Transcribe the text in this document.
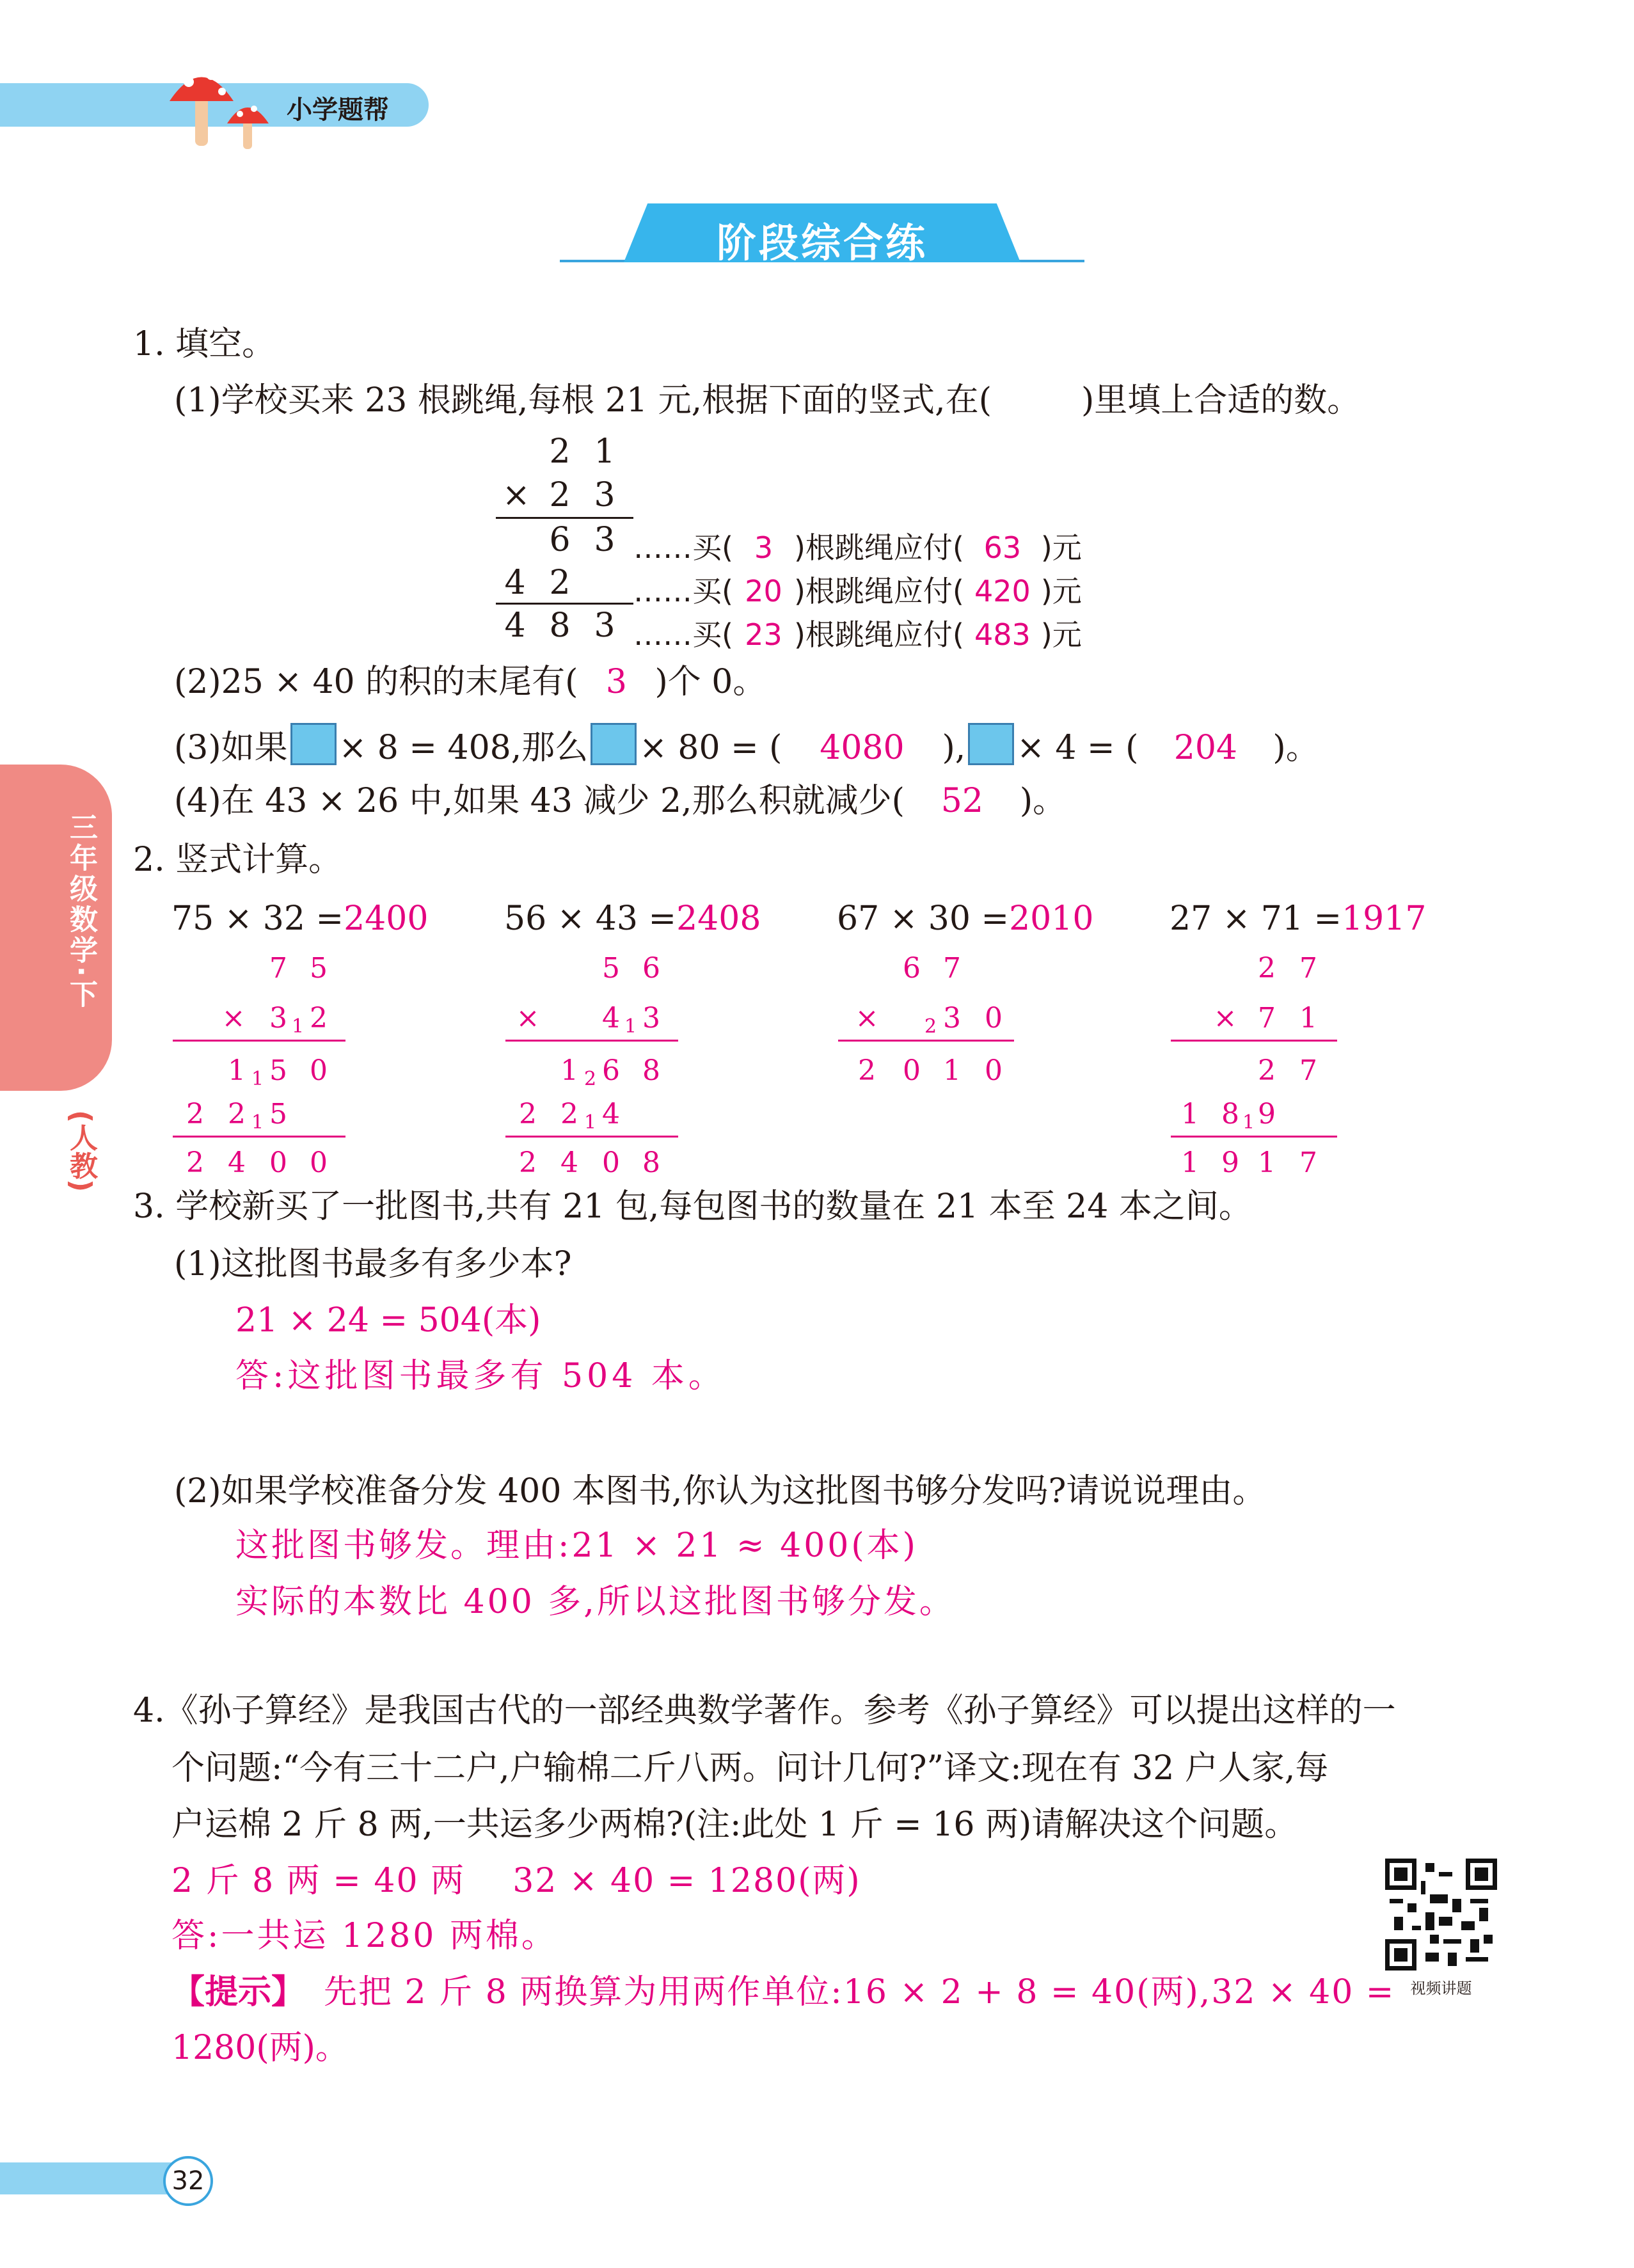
小学题帮
阶段综合练
三年级数学·下
(人教)
32
1. 填空。
(1)学校买来 23 根跳绳,每根 21 元,根据下面的竖式,在(	)里填上合适的数。
2 1
× 2 3
6 3
4 2
4 8 3
……买( 3 )根跳绳应付( 63 )元
……买( 20 )根跳绳应付( 420 )元
……买( 23 )根跳绳应付( 483 )元
(2)25 × 40 的积的末尾有( 3 )个 0。
(3)如果 × 8 = 408,那么 × 80 = ( 4080 ), × 4 = ( 204 )。
(4)在 43 × 26 中,如果 43 减少 2,那么积就减少( 52 )。
2. 竖式计算。
75 × 32 =2400
7 5
× 3 1 2
1 1 5 0
2 2 1 5
2 4 0 0
56 × 43 =2408
5 6
× 4 1 3
1 2 6 8
2 2 1 4
2 4 0 8
67 × 30 =2010
6 7
× 2 3 0
2 0 1 0
27 × 71 =1917
2 7
× 7 1
2 7
1 8 1 9
1 9 1 7
3. 学校新买了一批图书,共有 21 包,每包图书的数量在 21 本至 24 本之间。
(1)这批图书最多有多少本?
21 × 24 = 504(本)
答:这批图书最多有 504 本。
(2)如果学校准备分发 400 本图书,你认为这批图书够分发吗?请说说理由。
这批图书够发。理由:21 × 21 ≈ 400(本)
实际的本数比 400 多,所以这批图书够分发。
4.《孙子算经》是我国古代的一部经典数学著作。参考《孙子算经》可以提出这样的一
个问题:“今有三十二户,户输棉二斤八两。问计几何?”译文:现在有 32 户人家,每
户运棉 2 斤 8 两,一共运多少两棉?(注:此处 1 斤 = 16 两)请解决这个问题。
2 斤 8 两 = 40 两    32 × 40 = 1280(两)
答:一共运 1280 两棉。
【提示】 先把 2 斤 8 两换算为用两作单位:16 × 2 + 8 = 40(两),32 × 40 =
1280(两)。
视频讲题
